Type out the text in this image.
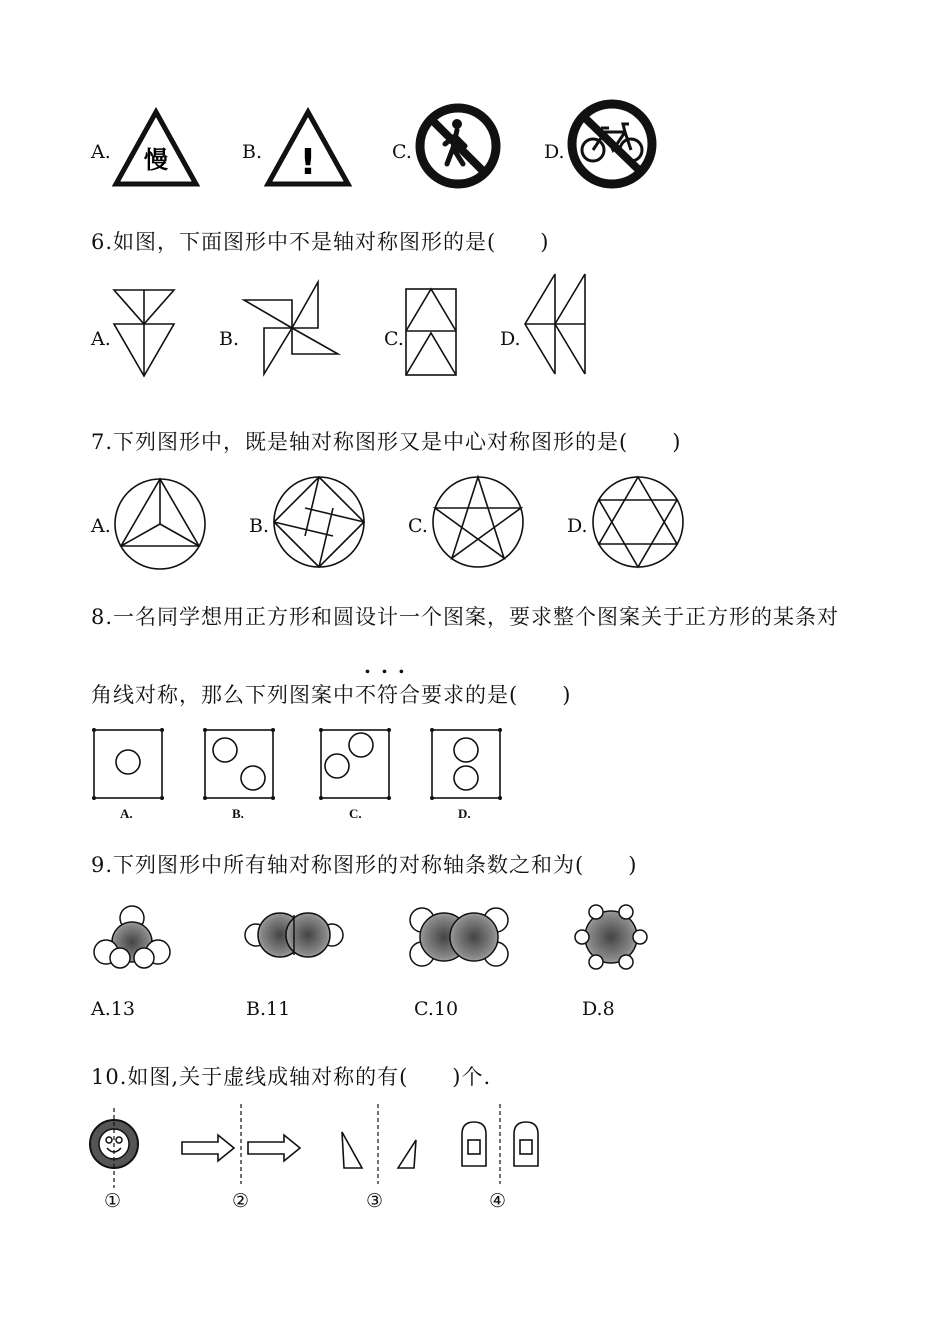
A. 慢	B. !	C.	D.
6.如图，下面图形中不是轴对称图形的是(　　)
A.	B.	C.	D.
7.下列图形中，既是轴对称图形又是中心对称图形的是(　　)
A.	B.	C.	D.
8.一名同学想用正方形和圆设计一个图案，要求整个图案关于正方形的某条对
...
角线对称，那么下列图案中不符合要求的是(　　)
A.	B.	C.	D.
9.下列图形中所有轴对称图形的对称轴条数之和为(　　)
A.13	B.11	C.10	D.8
10.如图,关于虚线成轴对称的有(　　)个.
①	②	③	④
